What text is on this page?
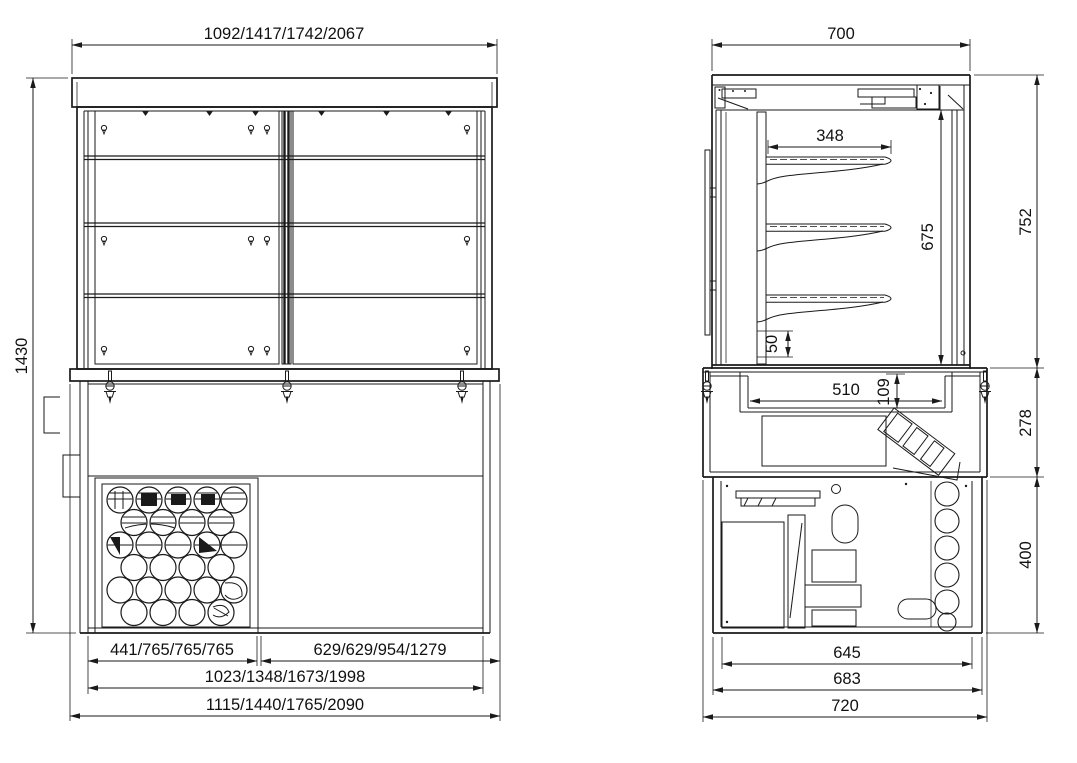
1092/1417/1742/2067
1430
441/765/765/765	629/629/954/1279
1023/1348/1673/1998
1115/1440/1765/2090
700
348
675
50
510 109
752
278
400
645
683
720
